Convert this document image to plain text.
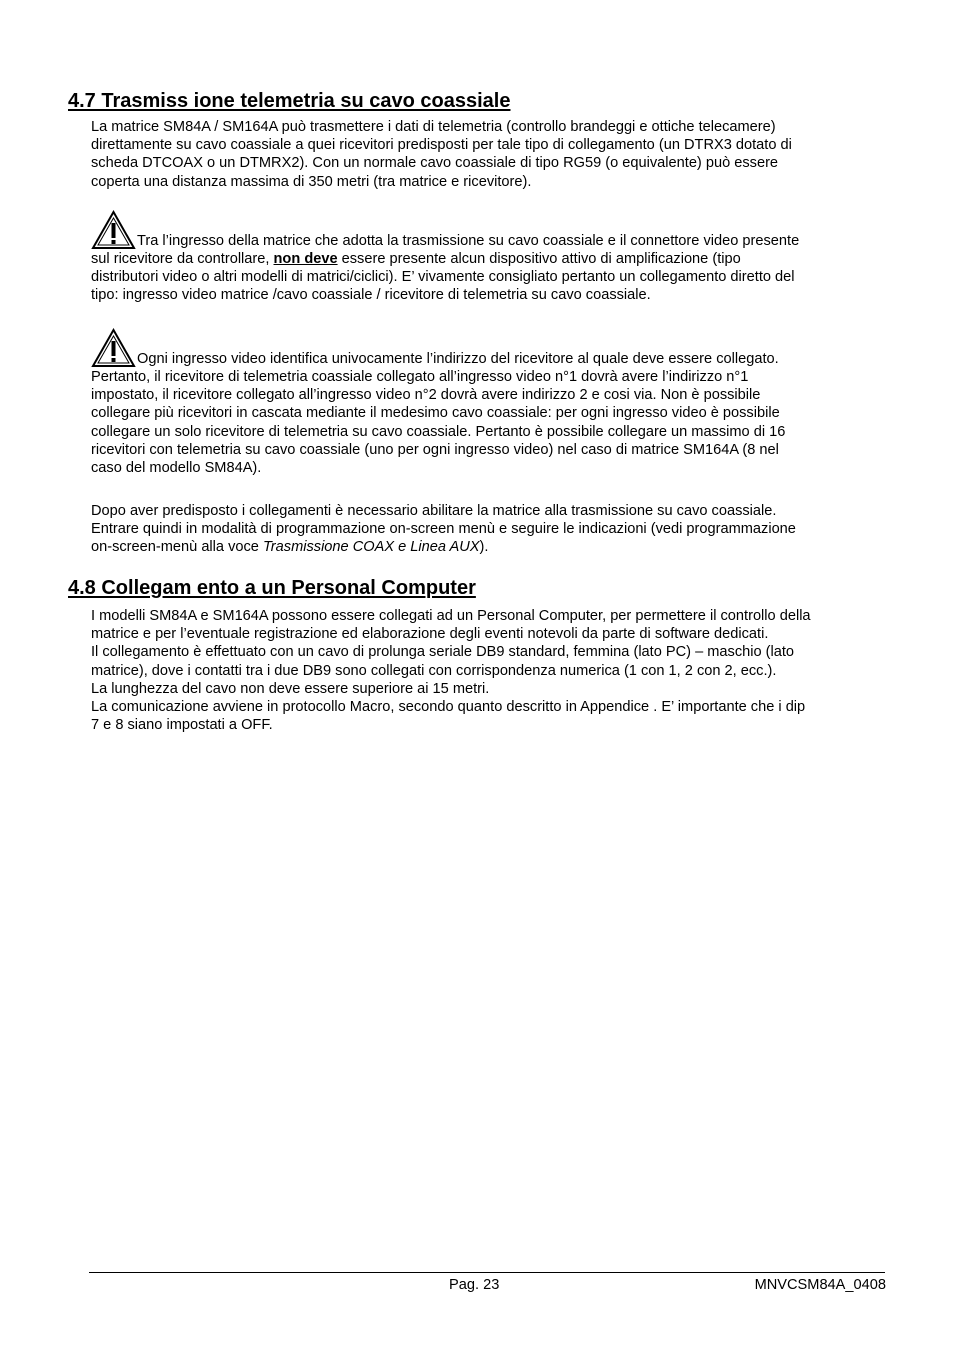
4.7 Trasmiss ione telemetria su cavo coassiale
La matrice SM84A / SM164A può trasmettere i dati di telemetria (controllo brandeggi e ottiche telecamere)
direttamente su cavo coassiale a quei ricevitori predisposti per tale tipo di collegamento (un DTRX3 dotato di
scheda DTCOAX o un DTMRX2). Con un normale cavo coassiale di tipo RG59 (o equivalente) può essere
coperta una distanza massima di 350 metri (tra matrice e ricevitore).
Tra l’ingresso della matrice che adotta la trasmissione su cavo coassiale e il connettore video presente
sul ricevitore da controllare, non deve essere presente alcun dispositivo attivo di amplificazione (tipo
distributori video o altri modelli di matrici/ciclici). E’ vivamente consigliato pertanto un collegamento diretto del
tipo: ingresso video matrice /cavo coassiale / ricevitore di telemetria su cavo coassiale.
Ogni ingresso video identifica univocamente l’indirizzo del ricevitore al quale deve essere collegato.
Pertanto, il ricevitore di telemetria coassiale collegato all’ingresso video n°1 dovrà avere l’indirizzo n°1
impostato, il ricevitore collegato all’ingresso video n°2 dovrà avere indirizzo 2 e cosi via. Non è possibile
collegare più ricevitori in cascata mediante il medesimo cavo coassiale: per ogni ingresso video è possibile
collegare un solo ricevitore di telemetria su cavo coassiale. Pertanto è possibile collegare un massimo di 16
ricevitori con telemetria su cavo coassiale (uno per ogni ingresso video) nel caso di matrice SM164A (8 nel
caso del modello SM84A).
Dopo aver predisposto i collegamenti è necessario abilitare la matrice alla trasmissione su cavo coassiale.
Entrare quindi in modalità di programmazione on-screen menù e seguire le indicazioni (vedi programmazione
on-screen-menù alla voce Trasmissione COAX e Linea AUX).
4.8 Collegam ento a un Personal Computer
I modelli SM84A e SM164A possono essere collegati ad un Personal Computer, per permettere il controllo della
matrice e per l’eventuale registrazione ed elaborazione degli eventi notevoli da parte di software dedicati.
Il collegamento è effettuato con un cavo di prolunga seriale DB9 standard, femmina (lato PC) – maschio (lato
matrice), dove i contatti tra i due DB9 sono collegati con corrispondenza numerica (1 con 1, 2 con 2, ecc.).
La lunghezza del cavo non deve essere superiore ai 15 metri.
La comunicazione avviene in protocollo Macro, secondo quanto descritto in Appendice . E’ importante che i dip
7 e 8 siano impostati a OFF.
Pag. 23	MNVCSM84A_0408
